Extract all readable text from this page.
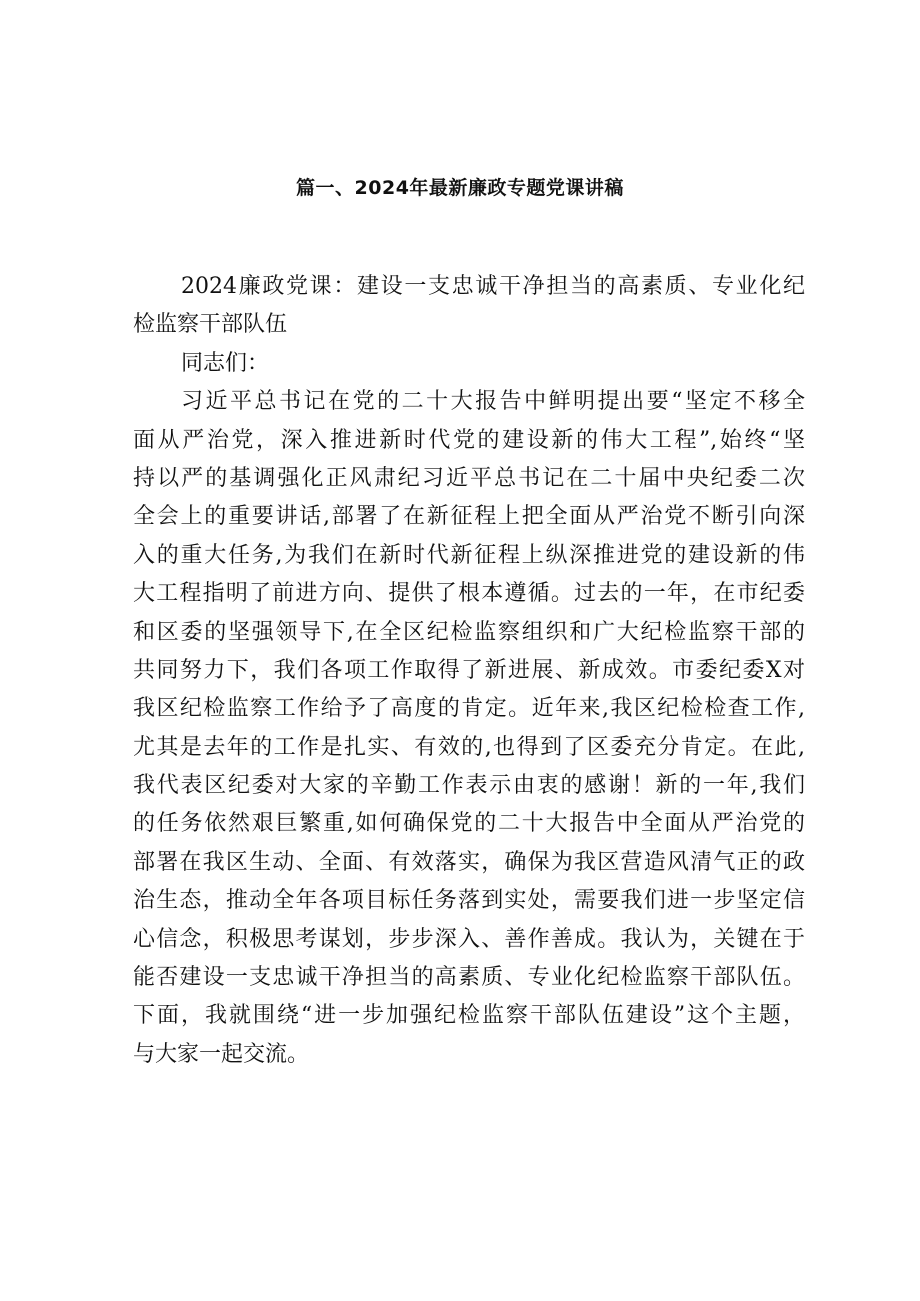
篇一、2024年最新廉政专题党课讲稿
2024廉政党课：建设一支忠诚干净担当的高素质、专业化纪
检监察干部队伍
同志们：
习近平总书记在党的二十大报告中鲜明提出要“坚定不移全
面从严治党，深入推进新时代党的建设新的伟大工程”,始终“坚
持以严的基调强化正风肃纪习近平总书记在二十届中央纪委二次
全会上的重要讲话,部署了在新征程上把全面从严治党不断引向深
入的重大任务,为我们在新时代新征程上纵深推进党的建设新的伟
大工程指明了前进方向、提供了根本遵循。过去的一年，在市纪委
和区委的坚强领导下,在全区纪检监察组织和广大纪检监察干部的
共同努力下，我们各项工作取得了新进展、新成效。市委纪委X对
我区纪检监察工作给予了高度的肯定。近年来,我区纪检检查工作,
尤其是去年的工作是扎实、有效的,也得到了区委充分肯定。在此,
我代表区纪委对大家的辛勤工作表示由衷的感谢！新的一年,我们
的任务依然艰巨繁重,如何确保党的二十大报告中全面从严治党的
部署在我区生动、全面、有效落实，确保为我区营造风清气正的政
治生态，推动全年各项目标任务落到实处，需要我们进一步坚定信
心信念，积极思考谋划，步步深入、善作善成。我认为，关键在于
能否建设一支忠诚干净担当的高素质、专业化纪检监察干部队伍。
下面，我就围绕“进一步加强纪检监察干部队伍建设”这个主题，
与大家一起交流。
